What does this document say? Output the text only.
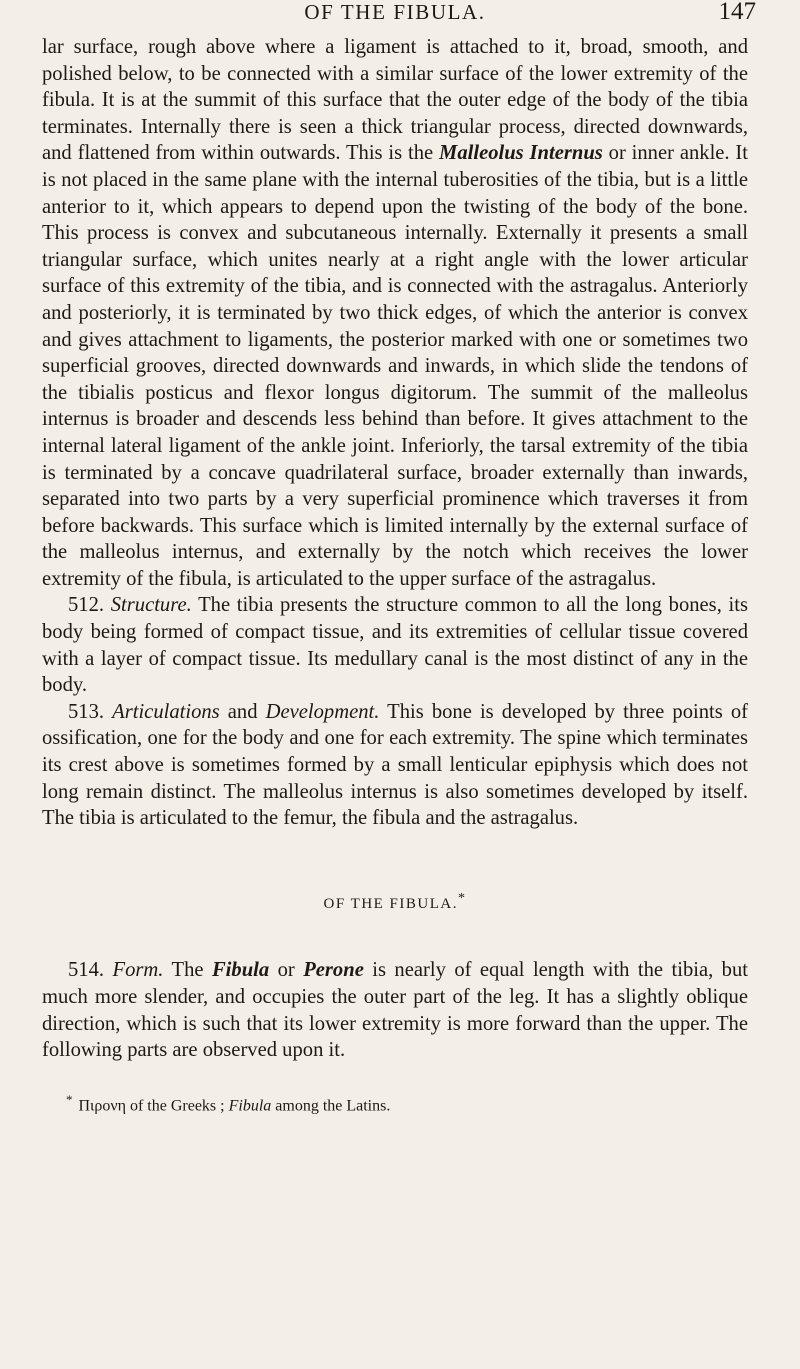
OF THE FIBULA.	147

lar surface, rough above where a ligament is attached to it, broad, smooth, and polished below, to be connected with a similar surface of the lower extremity of the fibula. It is at the summit of this surface that the outer edge of the body of the tibia terminates. Internally there is seen a thick triangular process, directed downwards, and flattened from within outwards. This is the Malleolus Internus or inner ankle. It is not placed in the same plane with the internal tuberosities of the tibia, but is a little anterior to it, which appears to depend upon the twisting of the body of the bone. This process is convex and subcutaneous internally. Externally it presents a small triangular surface, which unites nearly at a right angle with the lower articular surface of this extremity of the tibia, and is connected with the astragalus. Anteriorly and posteriorly, it is terminated by two thick edges, of which the anterior is convex and gives attachment to ligaments, the posterior marked with one or sometimes two superficial grooves, directed downwards and inwards, in which slide the tendons of the tibialis posticus and flexor longus digitorum. The summit of the malleolus internus is broader and descends less behind than before. It gives attachment to the internal lateral ligament of the ankle joint. Inferiorly, the tarsal extremity of the tibia is terminated by a concave quadrilateral surface, broader externally than inwards, separated into two parts by a very superficial prominence which traverses it from before backwards. This surface which is limited internally by the external surface of the malleolus internus, and externally by the notch which receives the lower extremity of the fibula, is articulated to the upper surface of the astragalus.

512. Structure. The tibia presents the structure common to all the long bones, its body being formed of compact tissue, and its extremities of cellular tissue covered with a layer of compact tissue. Its medullary canal is the most distinct of any in the body.

513. Articulations and Development. This bone is developed by three points of ossification, one for the body and one for each extremity. The spine which terminates its crest above is sometimes formed by a small lenticular epiphysis which does not long remain distinct. The malleolus internus is also sometimes developed by itself. The tibia is articulated to the femur, the fibula and the astragalus.

OF THE FIBULA.*

514. Form. The Fibula or Perone is nearly of equal length with the tibia, but much more slender, and occupies the outer part of the leg. It has a slightly oblique direction, which is such that its lower extremity is more forward than the upper. The following parts are observed upon it.

* Πιρονη of the Greeks ; Fibula among the Latins.
